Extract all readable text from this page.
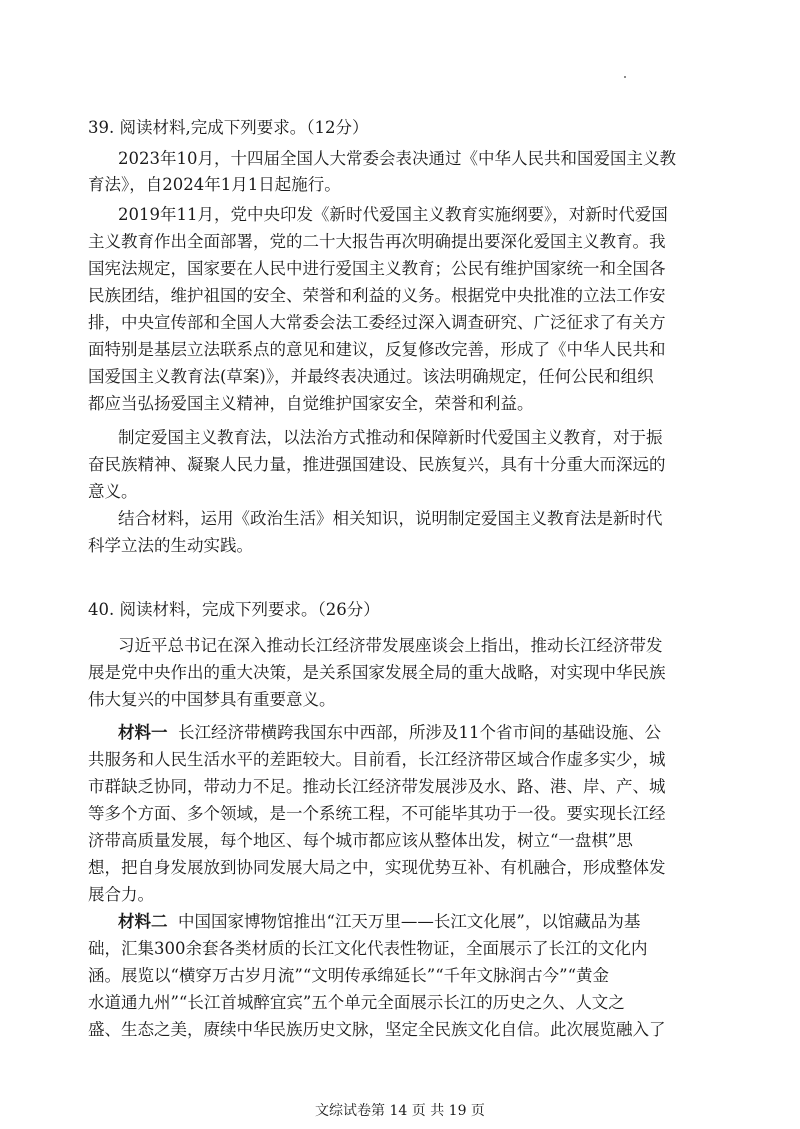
39. 阅读材料,完成下列要求。（12分）
2023年10月，十四届全国人大常委会表决通过《中华人民共和国爱国主义教
育法》，自2024年1月1日起施行。
2019年11月，党中央印发《新时代爱国主义教育实施纲要》，对新时代爱国
主义教育作出全面部署，党的二十大报告再次明确提出要深化爱国主义教育。我
国宪法规定，国家要在人民中进行爱国主义教育；公民有维护国家统一和全国各
民族团结，维护祖国的安全、荣誉和利益的义务。根据党中央批准的立法工作安
排，中央宣传部和全国人大常委会法工委经过深入调查研究、广泛征求了有关方
面特别是基层立法联系点的意见和建议，反复修改完善，形成了《中华人民共和
国爱国主义教育法(草案)》，并最终表决通过。该法明确规定，任何公民和组织
都应当弘扬爱国主义精神，自觉维护国家安全，荣誉和利益。
制定爱国主义教育法，以法治方式推动和保障新时代爱国主义教育，对于振
奋民族精神、凝聚人民力量，推进强国建设、民族复兴，具有十分重大而深远的
意义。
结合材料，运用《政治生活》相关知识，说明制定爱国主义教育法是新时代
科学立法的生动实践。
40. 阅读材料，完成下列要求。（26分）
习近平总书记在深入推动长江经济带发展座谈会上指出，推动长江经济带发
展是党中央作出的重大决策，是关系国家发展全局的重大战略，对实现中华民族
伟大复兴的中国梦具有重要意义。
材料一 长江经济带横跨我国东中西部，所涉及11个省市间的基础设施、公
共服务和人民生活水平的差距较大。目前看，长江经济带区域合作虚多实少，城
市群缺乏协同，带动力不足。推动长江经济带发展涉及水、路、港、岸、产、城
等多个方面、多个领域，是一个系统工程，不可能毕其功于一役。要实现长江经
济带高质量发展，每个地区、每个城市都应该从整体出发，树立“一盘棋”思
想，把自身发展放到协同发展大局之中，实现优势互补、有机融合，形成整体发
展合力。
材料二 中国国家博物馆推出“江天万里——长江文化展”，以馆藏品为基
础，汇集300余套各类材质的长江文化代表性物证，全面展示了长江的文化内
涵。展览以“横穿万古岁月流”“文明传承绵延长”“千年文脉润古今”“黄金
水道通九州”“长江首城醉宜宾”五个单元全面展示长江的历史之久、人文之
盛、生态之美，赓续中华民族历史文脉，坚定全民族文化自信。此次展览融入了
文综试卷第 14 页 共 19 页
